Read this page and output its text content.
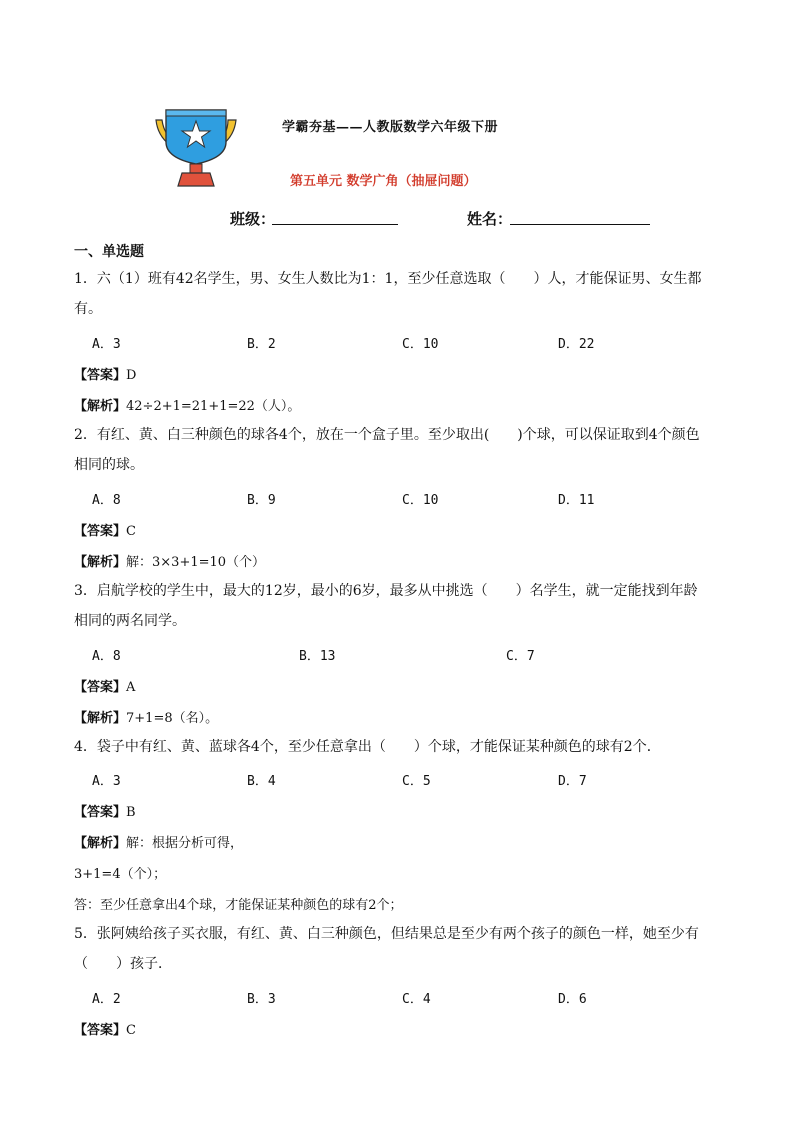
学霸夯基——人教版数学六年级下册
第五单元 数学广角（抽屉问题）
班级：	姓名：
一、单选题
1．六（1）班有42名学生，男、女生人数比为1：1，至少任意选取（　　）人，才能保证男、女生都
有。
A．3	B．2	C．10	D．22
【答案】D
【解析】42÷2+1=21+1=22（人）。
2．有红、黄、白三种颜色的球各4个，放在一个盒子里。至少取出(　　)个球，可以保证取到4个颜色
相同的球。
A．8	B．9	C．10	D．11
【答案】C
【解析】解：3×3+1=10（个）
3．启航学校的学生中，最大的12岁，最小的6岁，最多从中挑选（　　）名学生，就一定能找到年龄
相同的两名同学。
A．8	B．13	C．7
【答案】A
【解析】7+1=8（名）。
4．袋子中有红、黄、蓝球各4个，至少任意拿出（　　）个球，才能保证某种颜色的球有2个．
A．3	B．4	C．5	D．7
【答案】B
【解析】解：根据分析可得，
3+1=4（个）；
答：至少任意拿出4个球，才能保证某种颜色的球有2个；
5．张阿姨给孩子买衣服，有红、黄、白三种颜色，但结果总是至少有两个孩子的颜色一样，她至少有
（　　）孩子．
A．2	B．3	C．4	D．6
【答案】C
